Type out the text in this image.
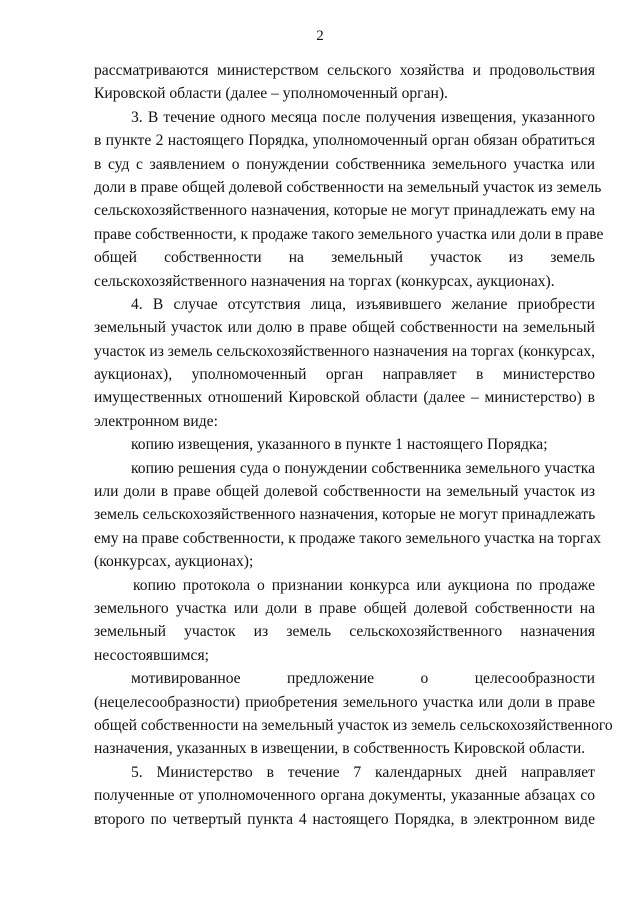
2
рассматриваются министерством сельского хозяйства и продовольствия
Кировской области (далее – уполномоченный орган).
3. В течение одного месяца после получения извещения, указанного
в пункте 2 настоящего Порядка, уполномоченный орган обязан обратиться
в суд с заявлением о понуждении собственника земельного участка или
доли в праве общей долевой собственности на земельный участок из земель
сельскохозяйственного назначения, которые не могут принадлежать ему на
праве собственности, к продаже такого земельного участка или доли в праве
общей собственности на земельный участок из земель
сельскохозяйственного назначения на торгах (конкурсах, аукционах).
4. В случае отсутствия лица, изъявившего желание приобрести
земельный участок или долю в праве общей собственности на земельный
участок из земель сельскохозяйственного назначения на торгах (конкурсах,
аукционах), уполномоченный орган направляет в министерство
имущественных отношений Кировской области (далее – министерство) в
электронном виде:
копию извещения, указанного в пункте 1 настоящего Порядка;
копию решения суда о понуждении собственника земельного участка
или доли в праве общей долевой собственности на земельный участок из
земель сельскохозяйственного назначения, которые не могут принадлежать
ему на праве собственности, к продаже такого земельного участка на торгах
(конкурсах, аукционах);
копию протокола о признании конкурса или аукциона по продаже
земельного участка или доли в праве общей долевой собственности на
земельный участок из земель сельскохозяйственного назначения
несостоявшимся;
мотивированное предложение о целесообразности
(нецелесообразности) приобретения земельного участка или доли в праве
общей собственности на земельный участок из земель сельскохозяйственного
назначения, указанных в извещении, в собственность Кировской области.
5. Министерство в течение 7 календарных дней направляет
полученные от уполномоченного органа документы, указанные абзацах со
второго по четвертый пункта 4 настоящего Порядка, в электронном виде
